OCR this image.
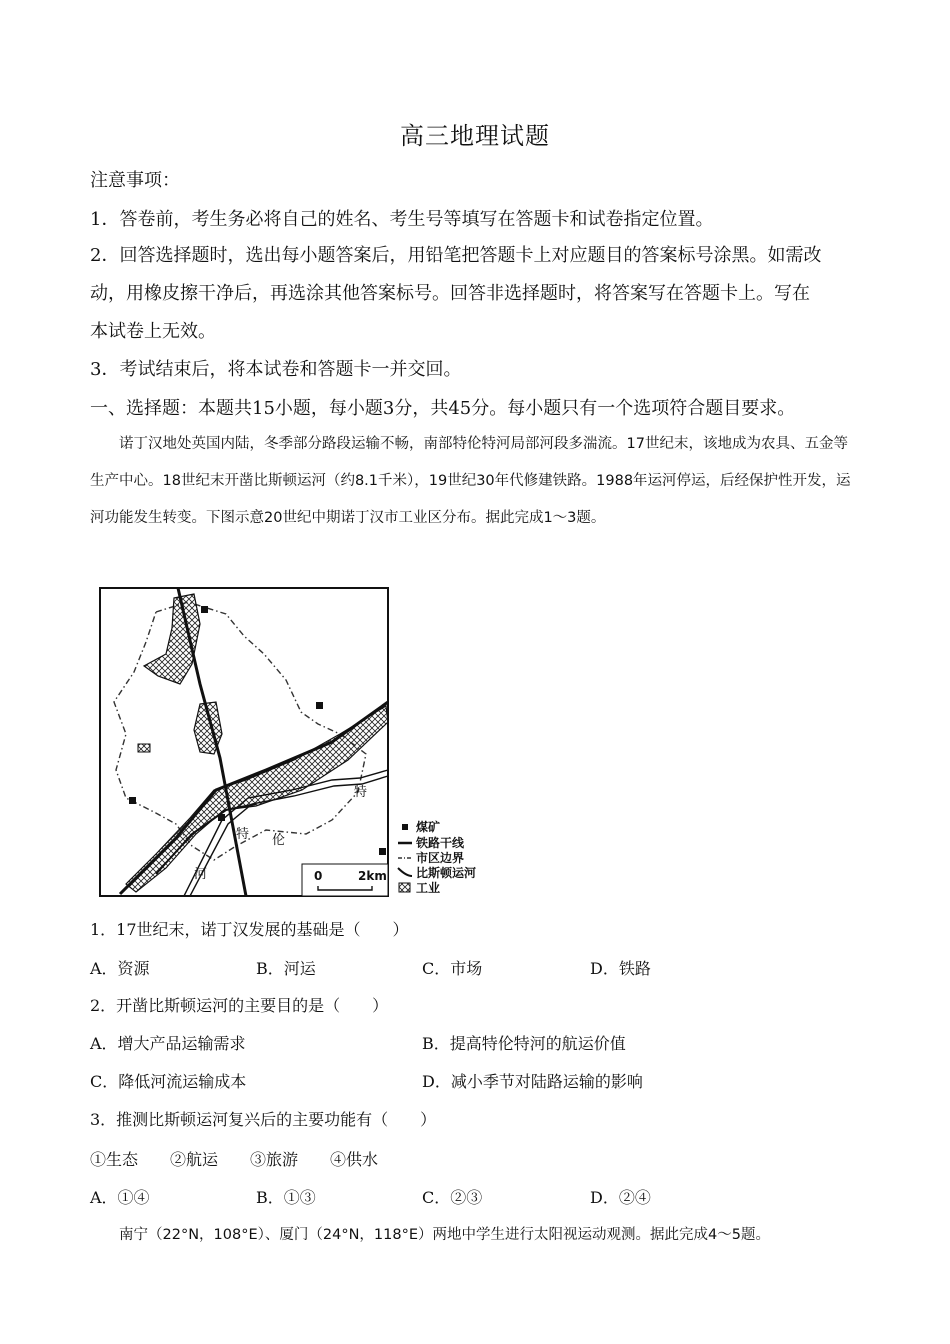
高三地理试题
注意事项：
1．答卷前，考生务必将自己的姓名、考生号等填写在答题卡和试卷指定位置。
2．回答选择题时，选出每小题答案后，用铅笔把答题卡上对应题目的答案标号涂黑。如需改
动，用橡皮擦干净后，再选涂其他答案标号。回答非选择题时，将答案写在答题卡上。写在
本试卷上无效。
3．考试结束后，将本试卷和答题卡一并交回。
一、选择题：本题共15小题，每小题3分，共45分。每小题只有一个选项符合题目要求。
诺丁汉地处英国内陆，冬季部分路段运输不畅，南部特伦特河局部河段多湍流。17世纪末，该地成为农具、五金等生产中心。18世纪末开凿比斯顿运河（约8.1千米），19世纪30年代修建铁路。1988年运河停运，后经保护性开发，运河功能发生转变。下图示意20世纪中期诺丁汉市工业区分布。据此完成1～3题。
特
伦
特
河	0	2km
煤矿
铁路干线
市区边界
比斯顿运河
工业
1．17世纪末，诺丁汉发展的基础是（　　）
A．资源	B．河运	C．市场	D．铁路
2．开凿比斯顿运河的主要目的是（　　）
A．增大产品运输需求	B．提高特伦特河的航运价值
C．降低河流运输成本	D．减小季节对陆路运输的影响
3．推测比斯顿运河复兴后的主要功能有（　　）
①生态　　②航运　　③旅游　　④供水
A．①④	B．①③	C．②③	D．②④
南宁（22°N，108°E）、厦门（24°N，118°E）两地中学生进行太阳视运动观测。据此完成4～5题。
